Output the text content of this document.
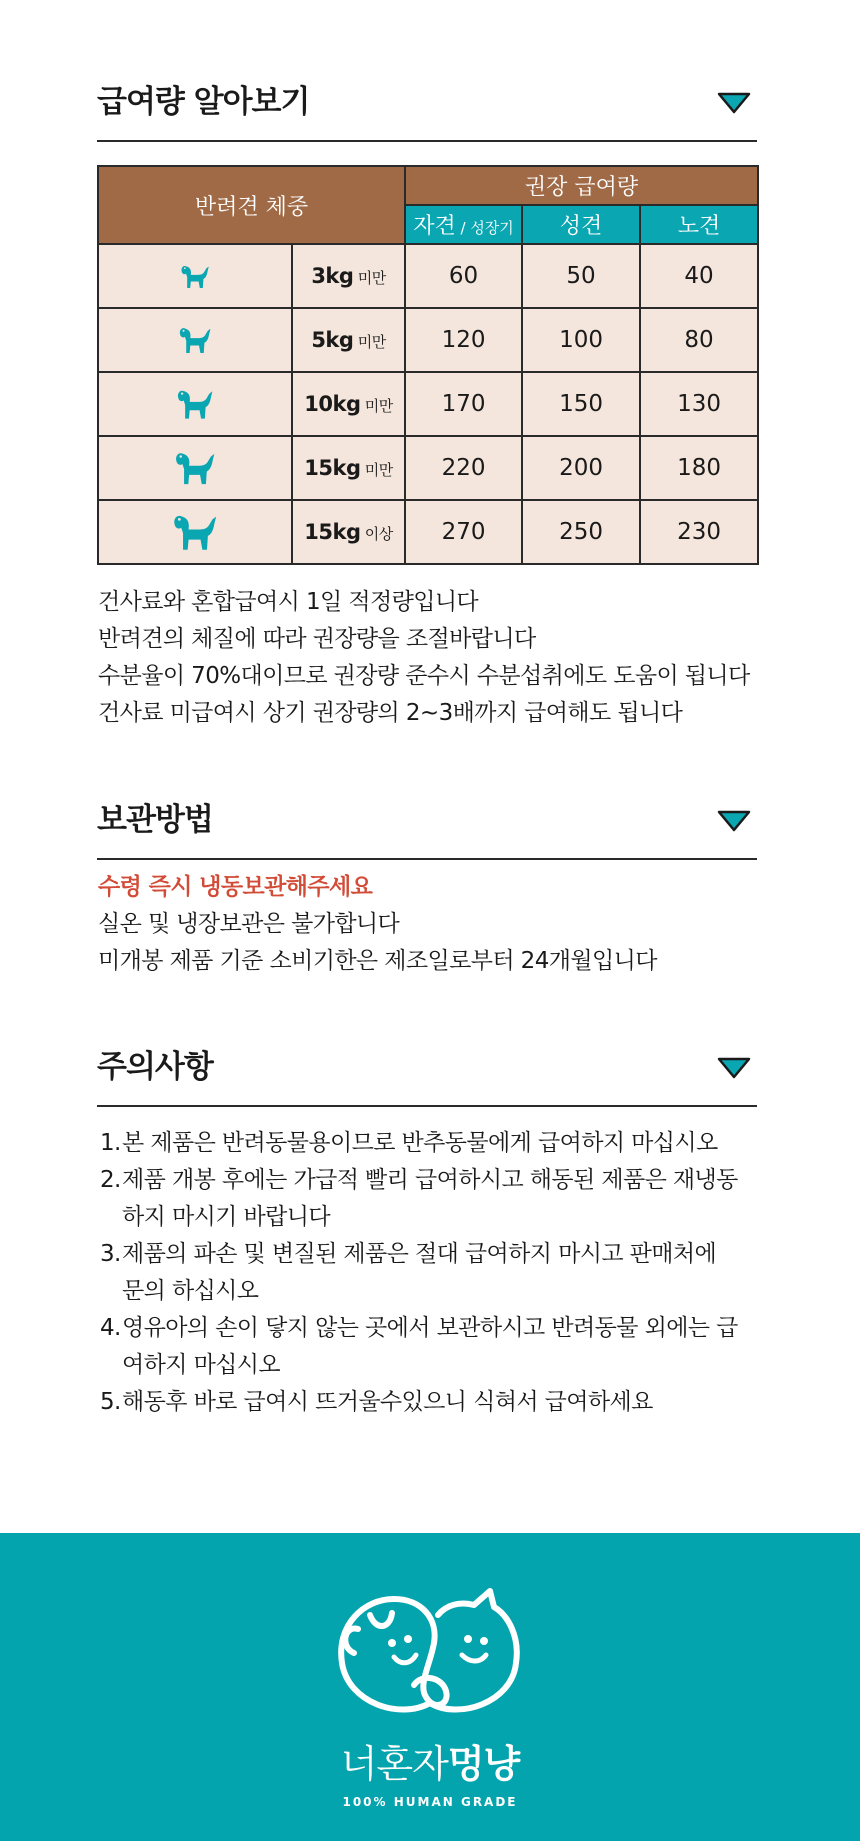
급여량 알아보기
반려견 체중		권장 급여량		
		자견 / 성장기	성견	노견

	3kg 미만	60	50	40

	5kg 미만	120	100	80

	10kg 미만	170	150	130

	15kg 미만	220	200	180

	15kg 이상	270	250	230
건사료와 혼합급여시 1일 적정량입니다
반려견의 체질에 따라 권장량을 조절바랍니다
수분율이 70%대이므로 권장량 준수시 수분섭취에도 도움이 됩니다
건사료 미급여시 상기 권장량의 2~3배까지 급여해도 됩니다
보관방법
수령 즉시 냉동보관해주세요
실온 및 냉장보관은 불가합니다
미개봉 제품 기준 소비기한은 제조일로부터 24개월입니다
주의사항
1. 본 제품은 반려동물용이므로 반추동물에게 급여하지 마십시오
2. 제품 개봉 후에는 가급적 빨리 급여하시고 해동된 제품은 재냉동
하지 마시기 바랍니다
3. 제품의 파손 및 변질된 제품은 절대 급여하지 마시고 판매처에
문의 하십시오
4. 영유아의 손이 닿지 않는 곳에서 보관하시고 반려동물 외에는 급
여하지 마십시오
5. 해동후 바로 급여시 뜨거울수있으니 식혀서 급여하세요
너혼자멍냥
100% HUMAN GRADE
